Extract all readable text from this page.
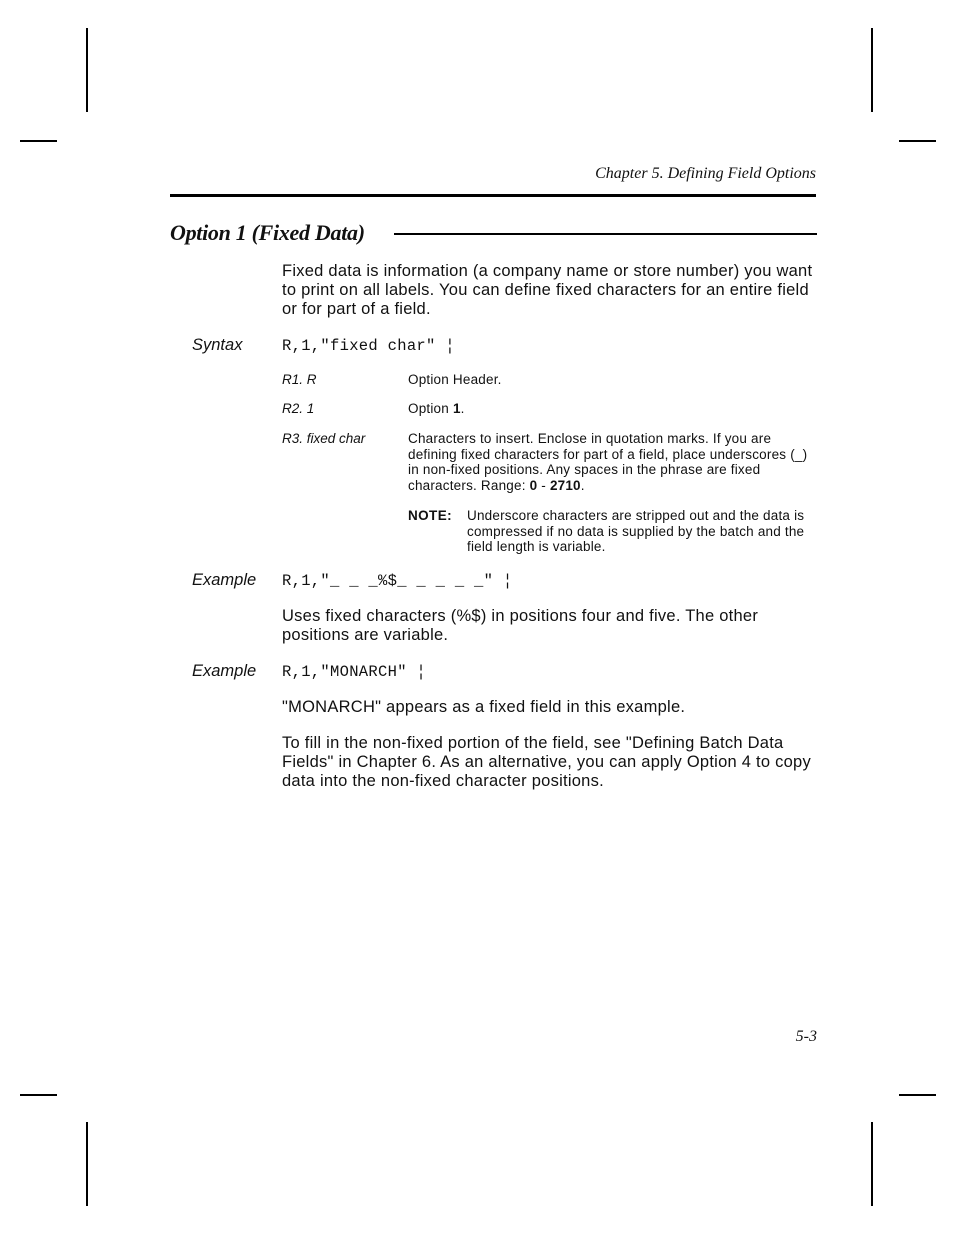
Chapter 5. Defining Field Options
Option 1 (Fixed Data)
Fixed data is information (a company name or store number) you want to print on all labels. You can define fixed characters for an entire field or for part of a field.
Syntax	R,1,"fixed char" ¦
R1. R	Option Header.
R2. 1	Option 1.
R3. fixed char	Characters to insert. Enclose in quotation marks. If you are defining fixed characters for part of a field, place underscores (_) in non-fixed positions. Any spaces in the phrase are fixed characters. Range: 0 - 2710.
NOTE: Underscore characters are stripped out and the data is compressed if no data is supplied by the batch and the field length is variable.
Example R,1,"_ _ _%$_ _ _ _ _" ¦
Uses fixed characters (%$) in positions four and five. The other positions are variable.
Example R,1,"MONARCH" ¦
"MONARCH" appears as a fixed field in this example.
To fill in the non-fixed portion of the field, see "Defining Batch Data Fields" in Chapter 6. As an alternative, you can apply Option 4 to copy data into the non-fixed character positions.
5-3
